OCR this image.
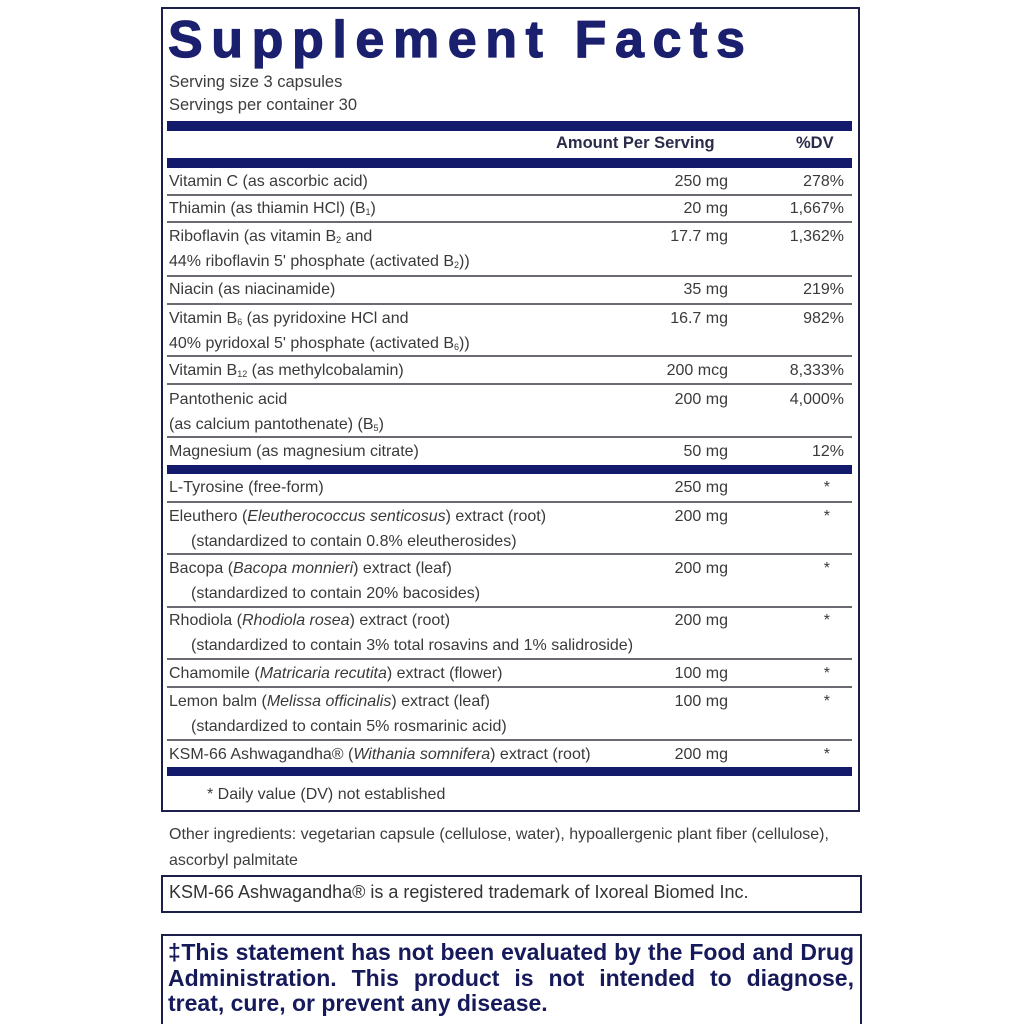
Supplement Facts
Serving size 3 capsules
Servings per container 30
Amount Per Serving	%DV
Vitamin C (as ascorbic acid)	250 mg	278%
Thiamin (as thiamin HCl) $(B_1)$	20 mg	1,667%
Riboflavin (as vitamin $B_2$ and
44% riboflavin 5' phosphate (activated $B_2$))
17.7 mg	1,362%
Niacin (as niacinamide)	35 mg	219%
Vitamin $B_6$ (as pyridoxine HCl and
40% pyridoxal 5' phosphate (activated $B_6$))
16.7 mg	982%
Vitamin $B_{12}$ (as methylcobalamin)	200 mcg	8,333%
Pantothenic acid
(as calcium pantothenate) $(B_5)$
200 mg	4,000%
Magnesium (as magnesium citrate)	50 mg	12%
L-Tyrosine (free-form)	250 mg	*
Eleuthero (Eleutherococcus senticosus) extract (root)
(standardized to contain 0.8% eleutherosides)
200 mg	*
Bacopa (Bacopa monnieri) extract (leaf)
(standardized to contain 20% bacosides)
200 mg	*
Rhodiola (Rhodiola rosea) extract (root)
(standardized to contain 3% total rosavins and 1% salidroside)
200 mg	*
Chamomile (Matricaria recutita) extract (flower)	100 mg	*
Lemon balm (Melissa officinalis) extract (leaf)
(standardized to contain 5% rosmarinic acid)
100 mg	*
KSM-66 Ashwagandha® (Withania somnifera) extract (root)	200 mg	*
* Daily value (DV) not established
Other ingredients: vegetarian capsule (cellulose, water), hypoallergenic plant fiber (cellulose), ascorbyl palmitate
KSM-66 Ashwagandha® is a registered trademark of Ixoreal Biomed Inc.
‡This statement has not been evaluated by the Food and Drug Administration. This product is not intended to diagnose, treat, cure, or prevent any disease.
